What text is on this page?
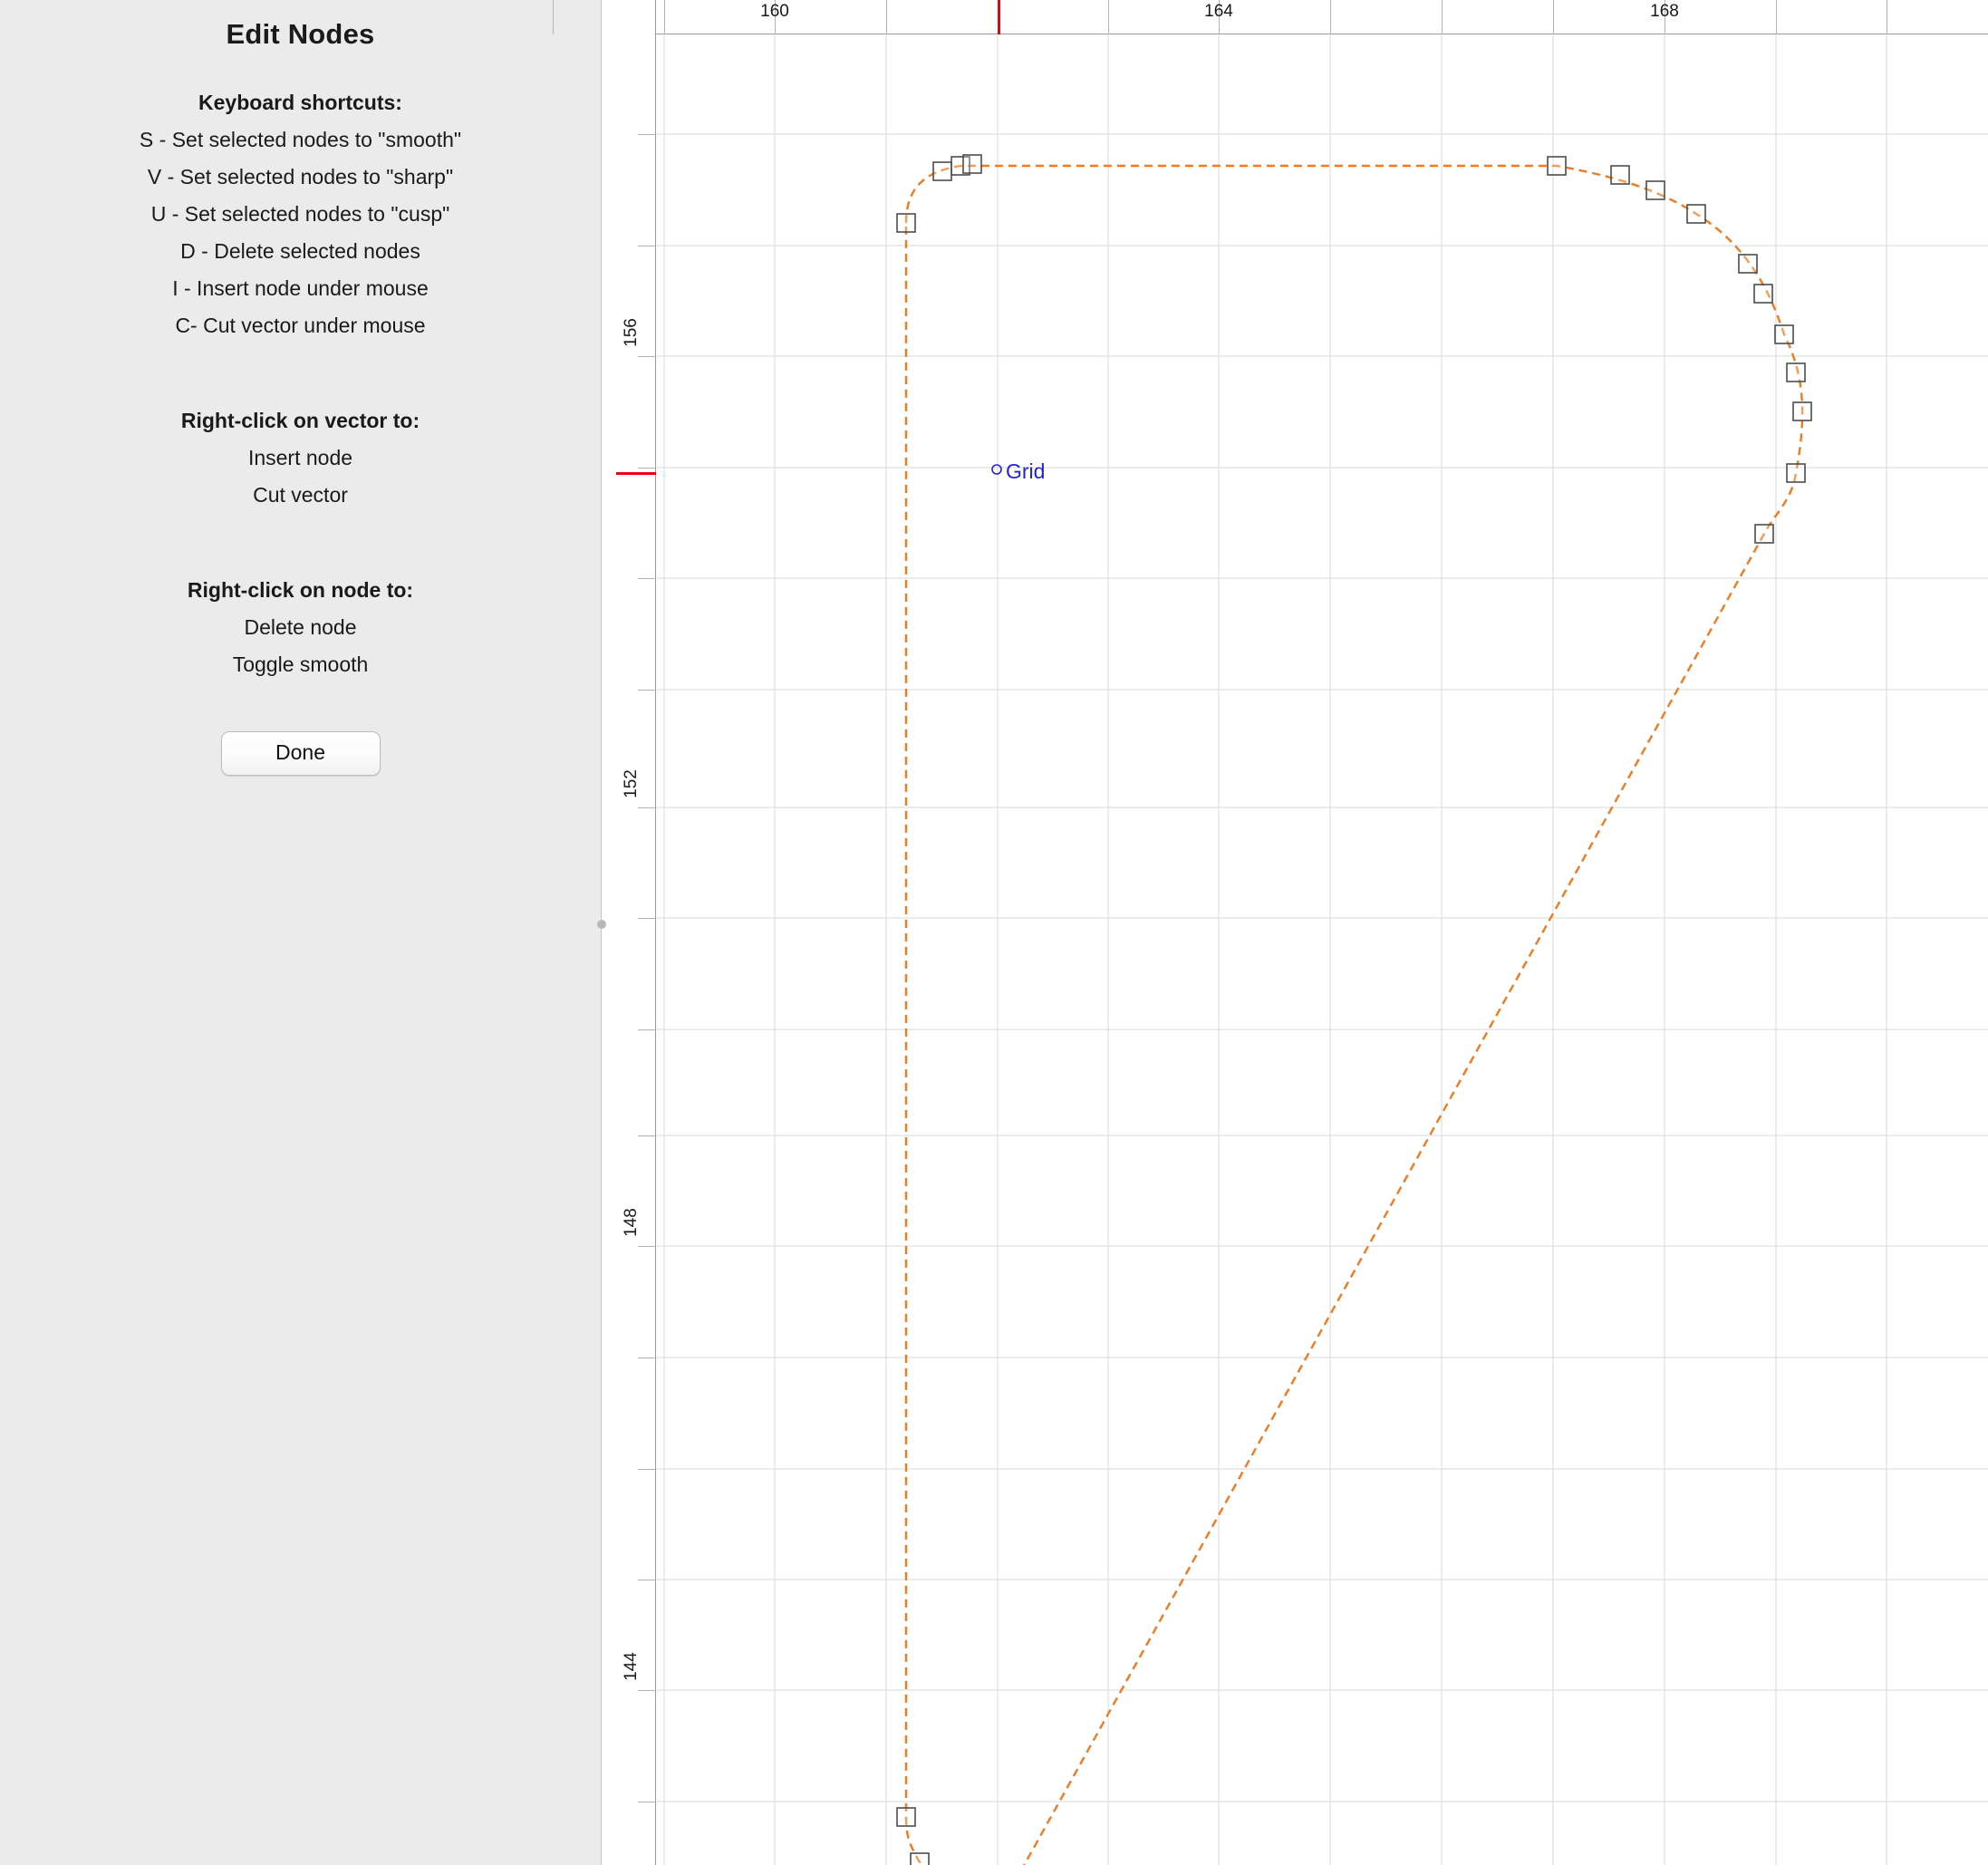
Edit Nodes
Keyboard shortcuts:
S - Set selected nodes to "smooth"
V - Set selected nodes to "sharp"
U - Set selected nodes to "cusp"
D - Delete selected nodes
I - Insert node under mouse
C- Cut vector under mouse
Right-click on vector to:
Insert node
Cut vector
Right-click on node to:
Delete node
Toggle smooth
Done
160	164	168
156
152
148
144
Grid
